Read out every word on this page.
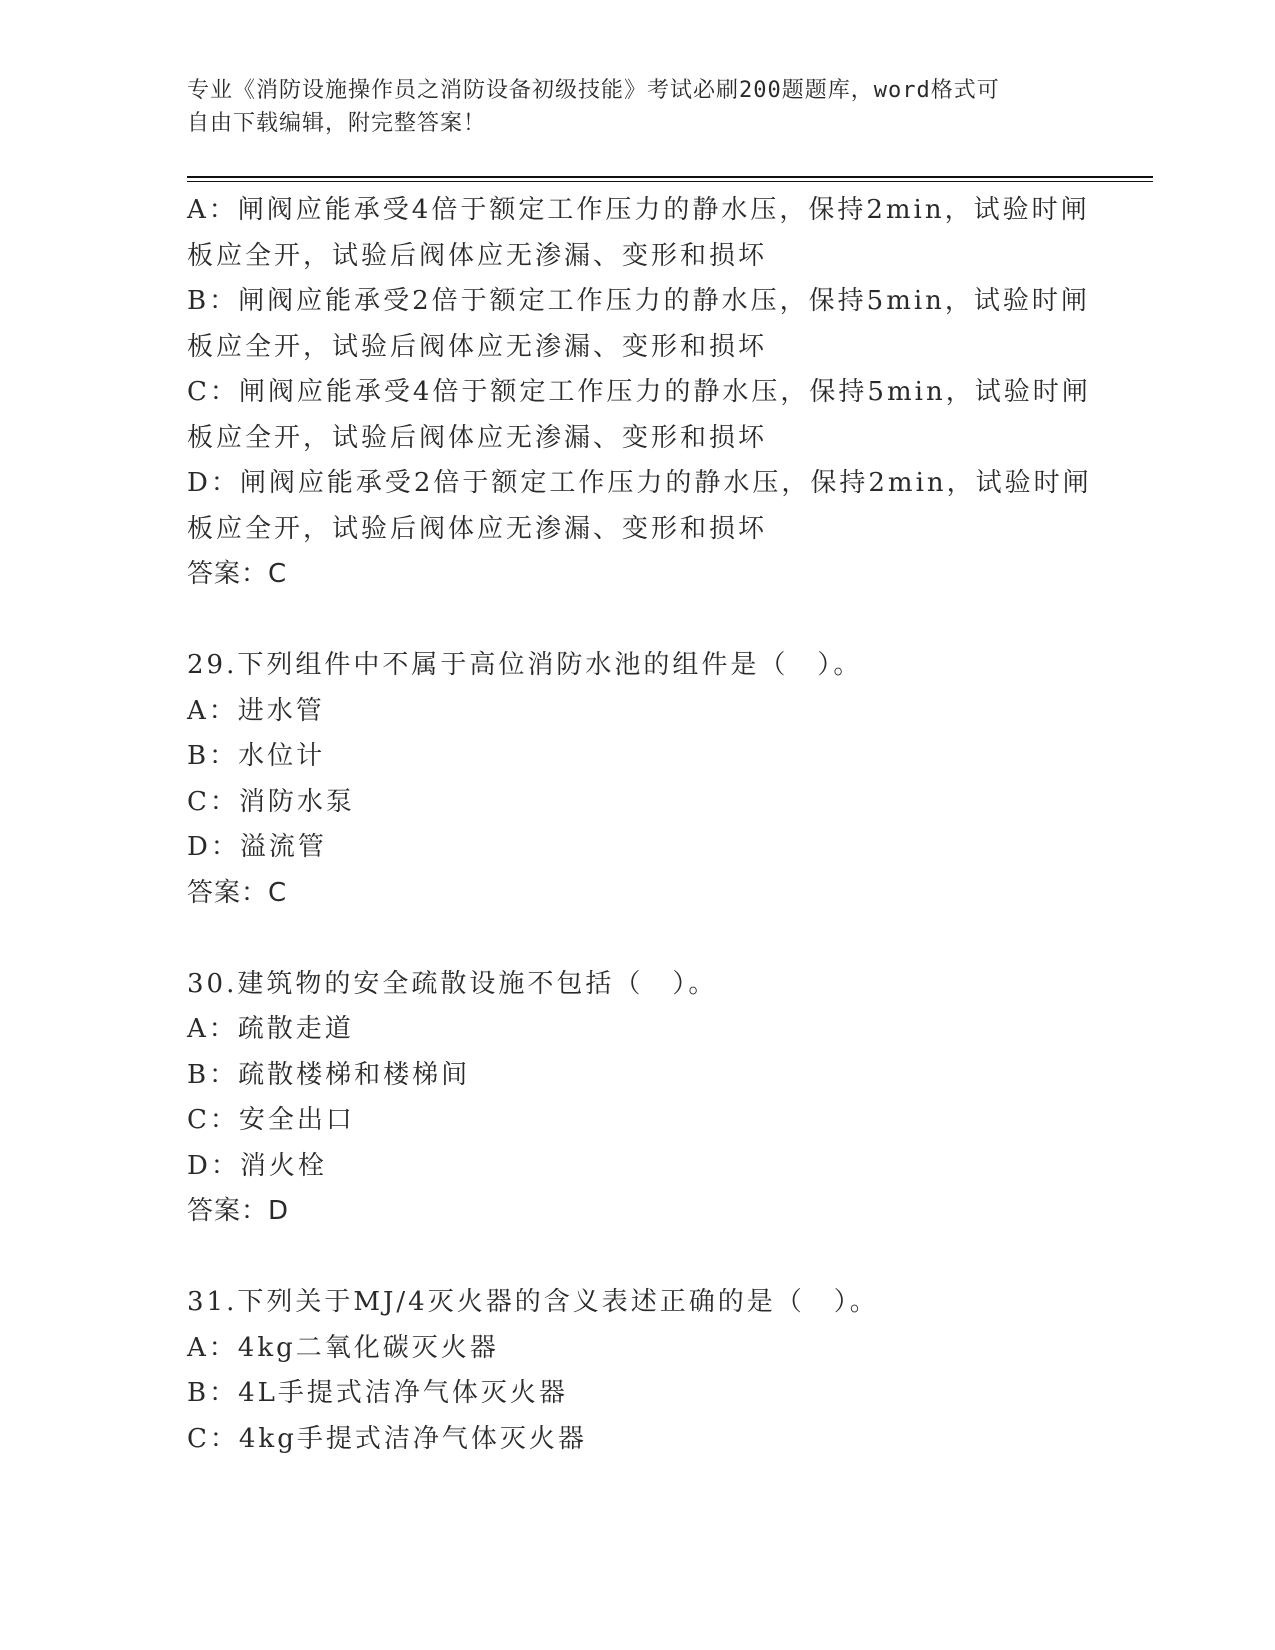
专业《消防设施操作员之消防设备初级技能》考试必刷200题题库，word格式可
自由下载编辑，附完整答案！
A：闸阀应能承受4倍于额定工作压力的静水压，保持2min，试验时闸
板应全开，试验后阀体应无渗漏、变形和损坏
B：闸阀应能承受2倍于额定工作压力的静水压，保持5min，试验时闸
板应全开，试验后阀体应无渗漏、变形和损坏
C：闸阀应能承受4倍于额定工作压力的静水压，保持5min，试验时闸
板应全开，试验后阀体应无渗漏、变形和损坏
D：闸阀应能承受2倍于额定工作压力的静水压，保持2min，试验时闸
板应全开，试验后阀体应无渗漏、变形和损坏
答案：C
29.下列组件中不属于高位消防水池的组件是（　）。
A：进水管
B：水位计
C：消防水泵
D：溢流管
答案：C
30.建筑物的安全疏散设施不包括（　）。
A：疏散走道
B：疏散楼梯和楼梯间
C：安全出口
D：消火栓
答案：D
31.下列关于MJ/4灭火器的含义表述正确的是（　）。
A：4kg二氧化碳灭火器
B：4L手提式洁净气体灭火器
C：4kg手提式洁净气体灭火器
